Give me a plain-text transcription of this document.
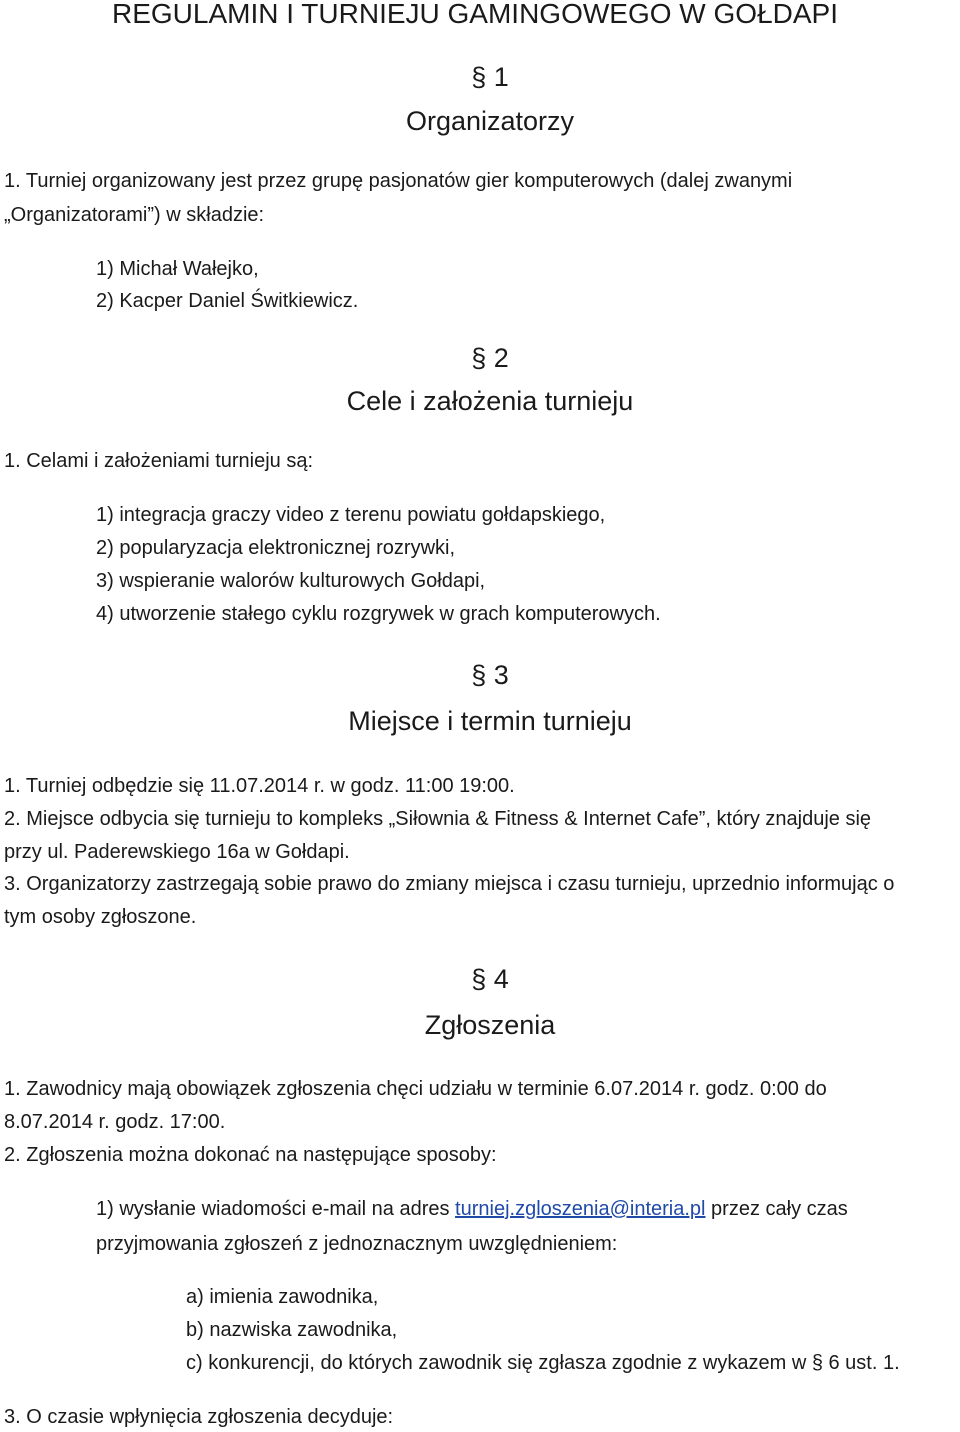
REGULAMIN I TURNIEJU GAMINGOWEGO W GOŁDAPI
§ 1
Organizatorzy
1. Turniej organizowany jest przez grupę pasjonatów gier komputerowych (dalej zwanymi
„Organizatorami”) w składzie:
1) Michał Wałejko,
2) Kacper Daniel Świtkiewicz.
§ 2
Cele i założenia turnieju
1. Celami i założeniami turnieju są:
1) integracja graczy video z terenu powiatu gołdapskiego,
2) popularyzacja elektronicznej rozrywki,
3) wspieranie walorów kulturowych Gołdapi,
4) utworzenie stałego cyklu rozgrywek w grach komputerowych.
§ 3
Miejsce i termin turnieju
1. Turniej odbędzie się 11.07.2014 r. w godz. 11:00 19:00.
2. Miejsce odbycia się turnieju to kompleks „Siłownia & Fitness & Internet Cafe”, który znajduje się
przy ul. Paderewskiego 16a w Gołdapi.
3. Organizatorzy zastrzegają sobie prawo do zmiany miejsca i czasu turnieju, uprzednio informując o
tym osoby zgłoszone.
§ 4
Zgłoszenia
1. Zawodnicy mają obowiązek zgłoszenia chęci udziału w terminie 6.07.2014 r. godz. 0:00 do
8.07.2014 r. godz. 17:00.
2. Zgłoszenia można dokonać na następujące sposoby:
1) wysłanie wiadomości e-mail na adres turniej.zgloszenia@interia.pl przez cały czas
przyjmowania zgłoszeń z jednoznacznym uwzględnieniem:
a) imienia zawodnika,
b) nazwiska zawodnika,
c) konkurencji, do których zawodnik się zgłasza zgodnie z wykazem w § 6 ust. 1.
3. O czasie wpłynięcia zgłoszenia decyduje:
